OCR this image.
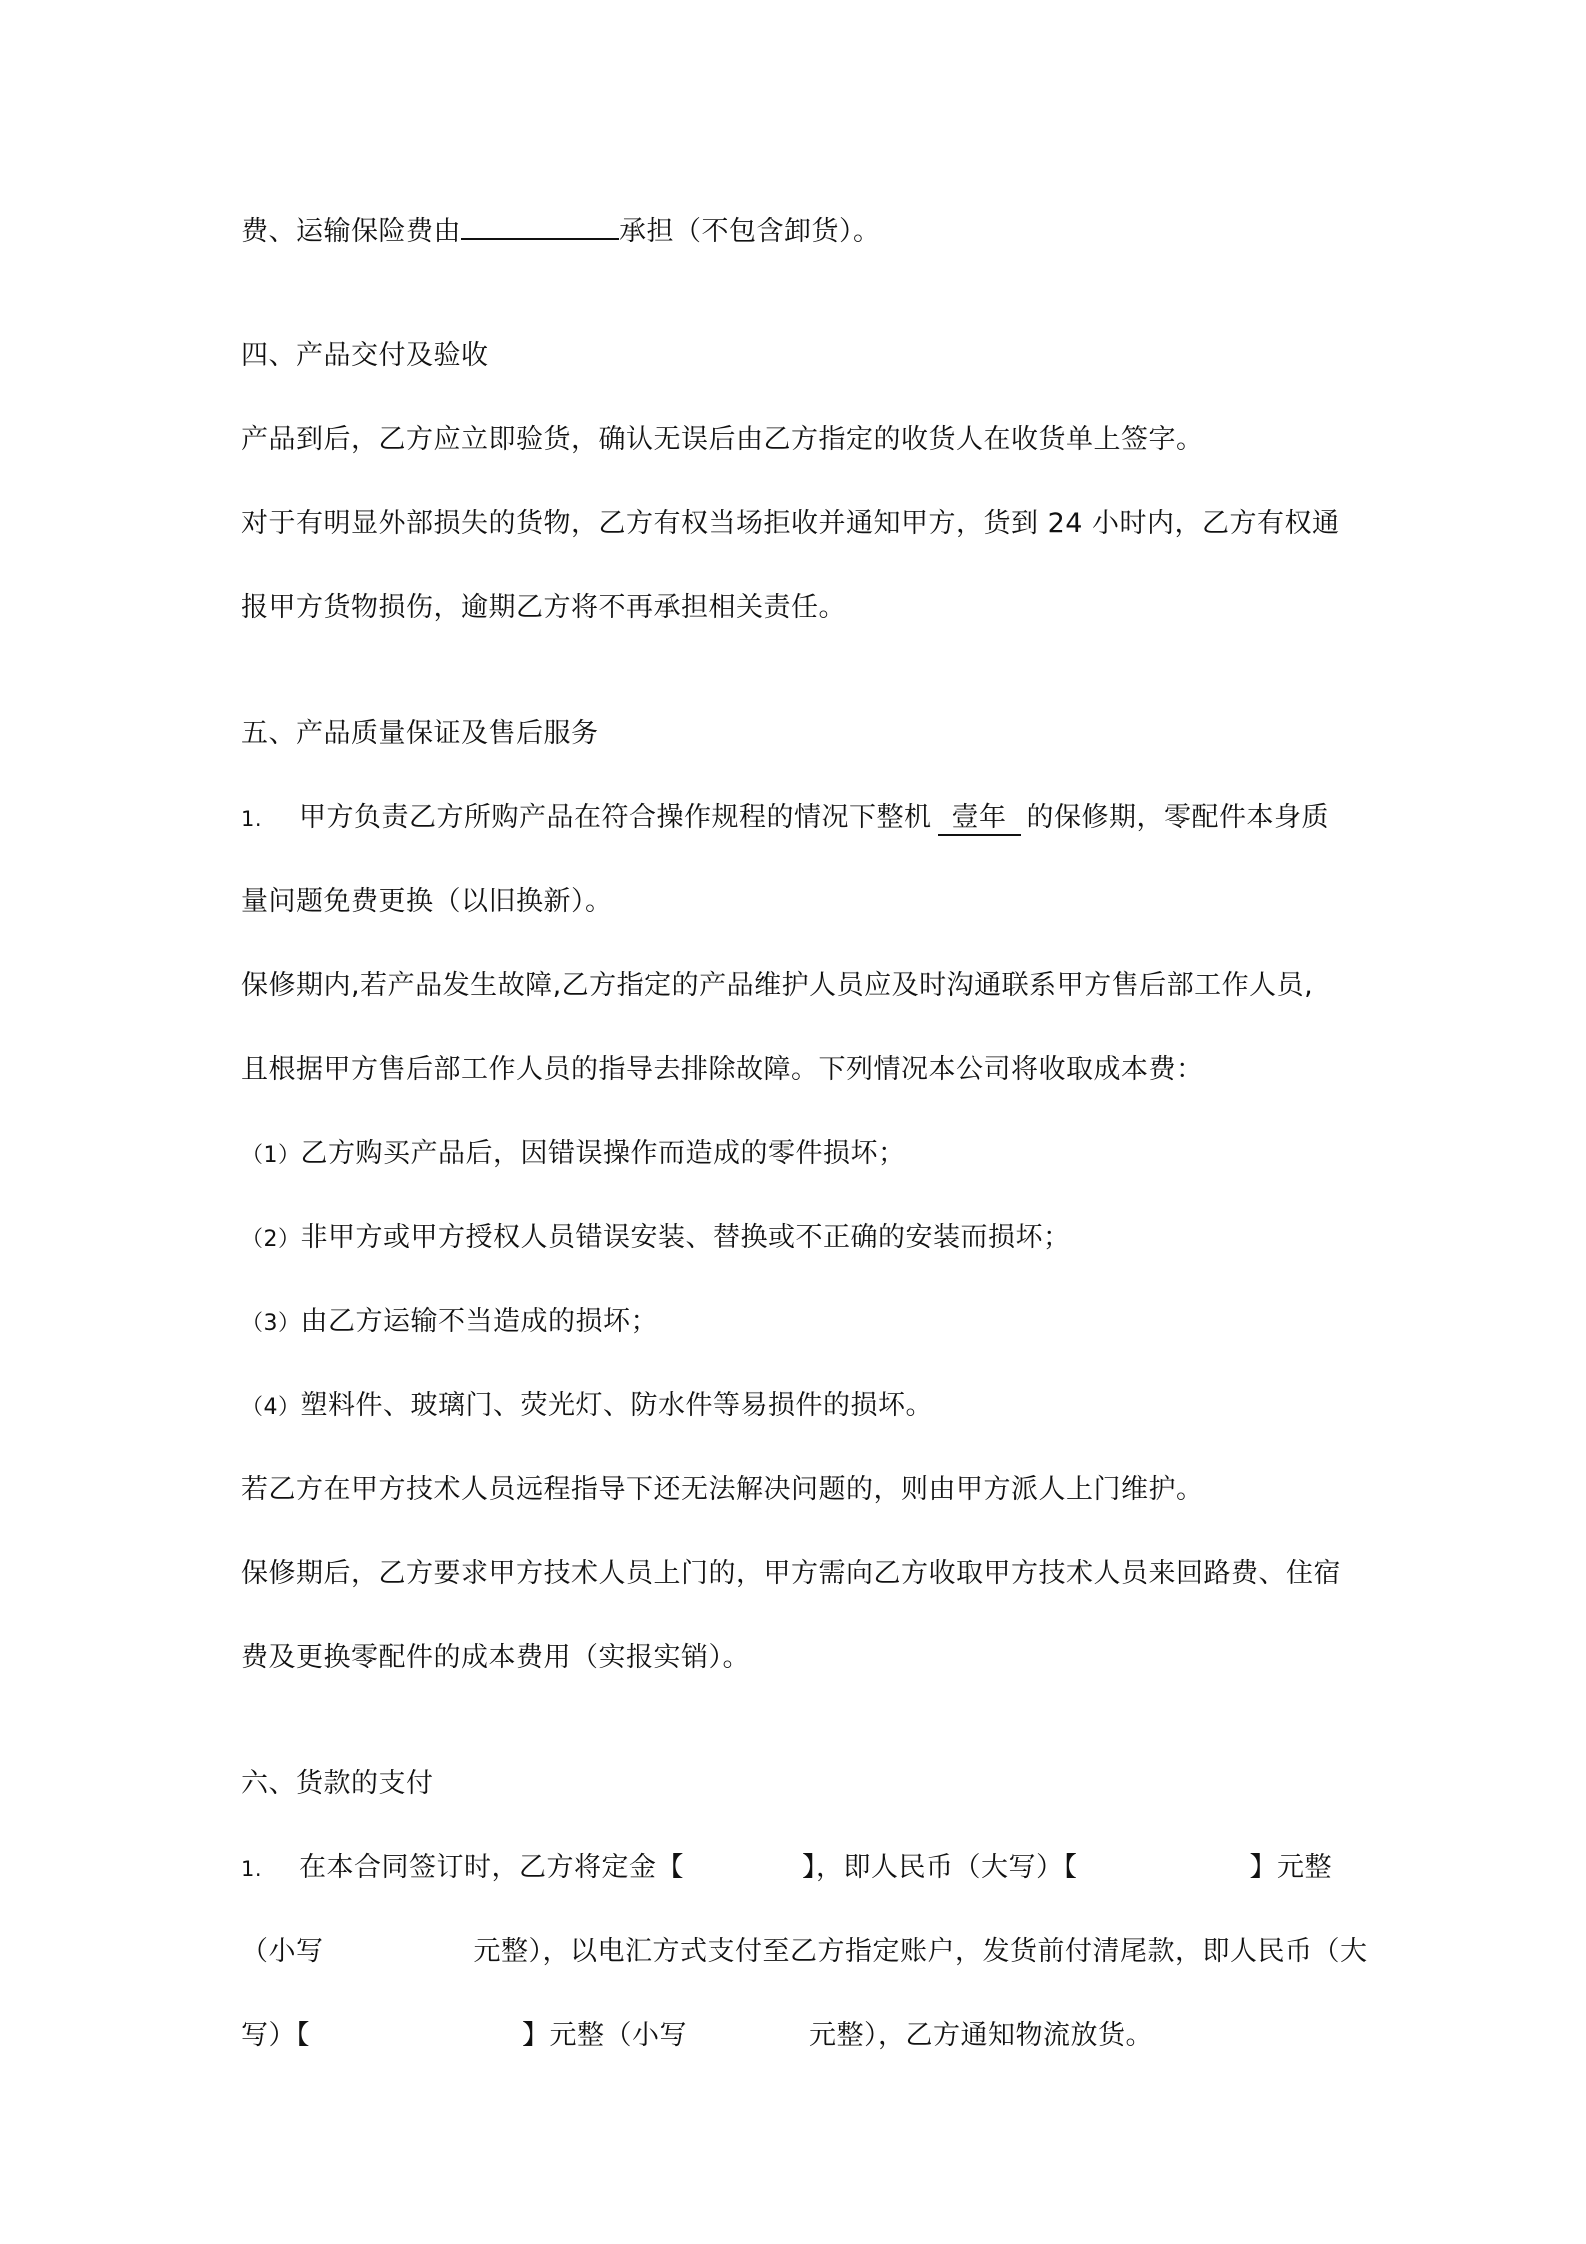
费、运输保险费由	承担（不包含卸货）。
四、产品交付及验收
产品到后，乙方应立即验货，确认无误后由乙方指定的收货人在收货单上签字。
对于有明显外部损失的货物，乙方有权当场拒收并通知甲方，货到 24 小时内，乙方有权通
报甲方货物损伤，逾期乙方将不再承担相关责任。
五、产品质量保证及售后服务
1. 甲方负责乙方所购产品在符合操作规程的情况下整机 壹年 的保修期，零配件本身质
量问题免费更换（以旧换新）。
保修期内,若产品发生故障,乙方指定的产品维护人员应及时沟通联系甲方售后部工作人员,
且根据甲方售后部工作人员的指导去排除故障。下列情况本公司将收取成本费：
（1）乙方购买产品后，因错误操作而造成的零件损坏；
（2）非甲方或甲方授权人员错误安装、替换或不正确的安装而损坏；
（3）由乙方运输不当造成的损坏；
（4）塑料件、玻璃门、荧光灯、防水件等易损件的损坏。
若乙方在甲方技术人员远程指导下还无法解决问题的，则由甲方派人上门维护。
保修期后，乙方要求甲方技术人员上门的，甲方需向乙方收取甲方技术人员来回路费、住宿
费及更换零配件的成本费用（实报实销）。
六、货款的支付
1. 在本合同签订时，乙方将定金【	】，即人民币（大写）【	】元整
（小写	元整），以电汇方式支付至乙方指定账户，发货前付清尾款，即人民币（大
写）【	】元整（小写	元整），乙方通知物流放货。
